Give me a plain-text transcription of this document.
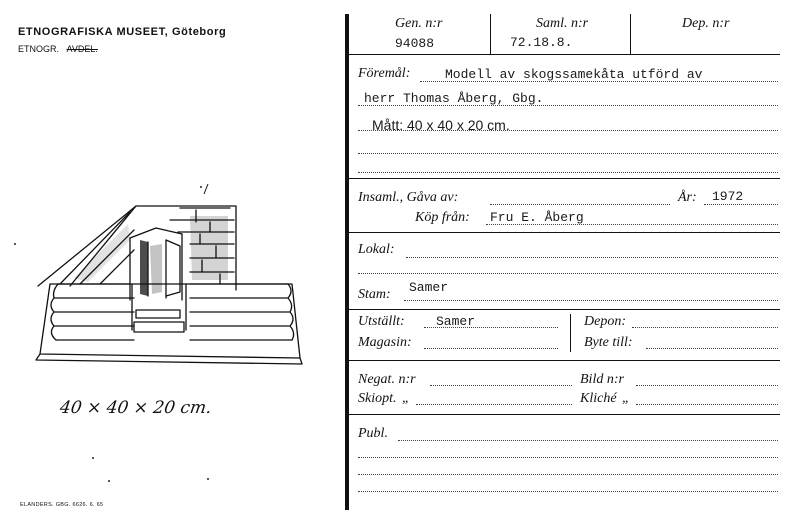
ETNOGRAFISKA MUSEET, Göteborg
ETNOGR. AVDEL.
40 × 40 × 20 cm.
ELANDERS. GBG. 6626. 6. 65
Gen. n:r
94088
Saml. n:r
72.18.8.
Dep. n:r
Föremål:	Modell av skogssamekåta utförd av
herr Thomas Åberg, Gbg.
Mått: 40 x 40 x 20 cm.
Insaml., Gåva av:	År: 1972
Köp från: Fru E. Åberg
Lokal:
Stam: Samer
Utställt: Samer
Magasin:
Depon:
Byte till:
Negat. n:r	Bild n:r
Skiopt. „	Kliché „
Publ.
